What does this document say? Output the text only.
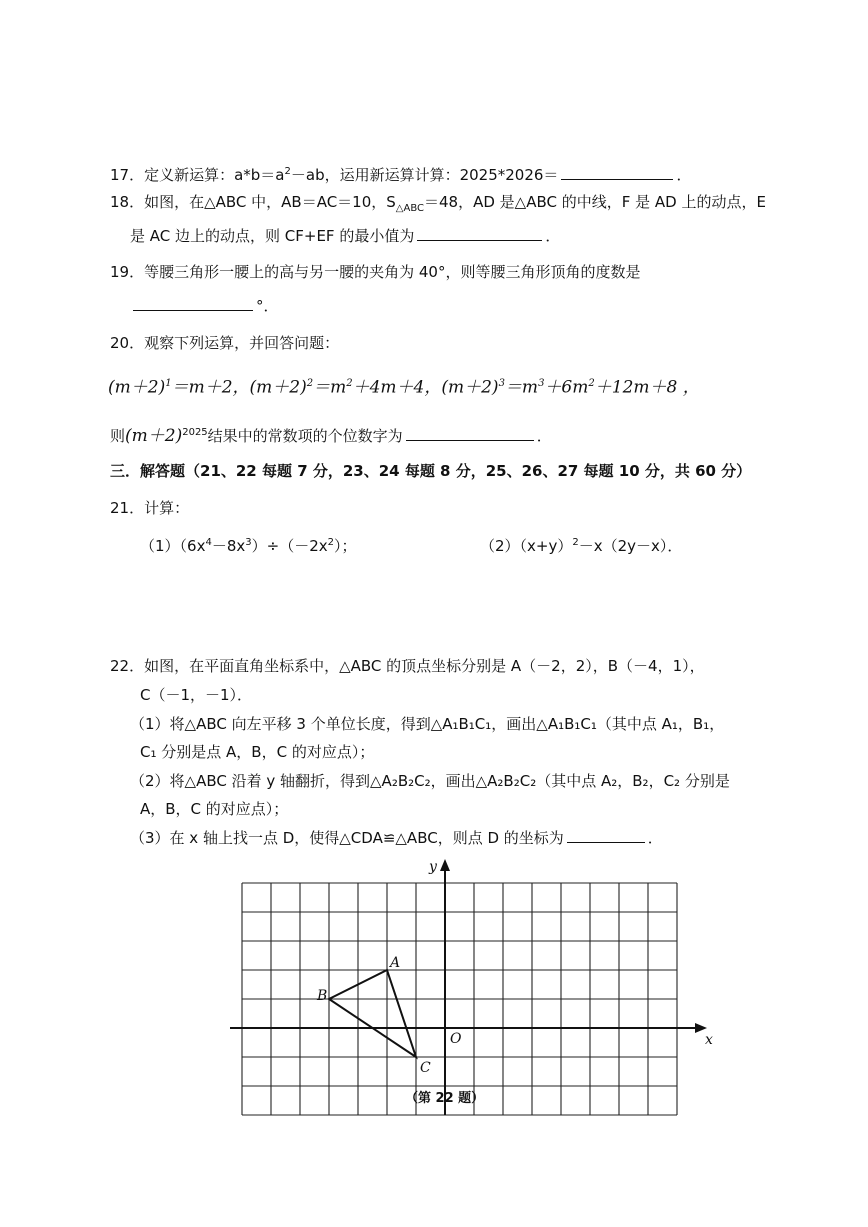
17．定义新运算：$a*b=a^2-ab$，运用新运算计算：2025*2026＝	．
18．如图，在△ABC 中，AB＝AC＝10，$S_{\triangle ABC}=48$，AD 是△ABC 的中线，F 是 AD 上的动点，E
是 AC 边上的动点，则 CF+EF 的最小值为	．
19．等腰三角形一腰上的高与另一腰的夹角为 40°，则等腰三角形顶角的度数是
°．
20．观察下列运算，并回答问题：
$(m+2)^1=m+2$，$(m+2)^2=m^2+4m+4$，$(m+2)^3=m^3+6m^2+12m+8$ ，
则$(m+2)^{2025}$结果中的常数项的个位数字为	．
三．解答题（21、22 每题 7 分，23、24 每题 8 分，25、26、27 每题 10 分，共 60 分）
21．计算：
$(1)(6x^4-8x^3)\div(-2x^2)$；	$(2)(x+y)^2-x(2y-x)$．
22．如图，在平面直角坐标系中，△ABC 的顶点坐标分别是 A（－2，2），B（－4，1），
C（－1，－1）．
（1）将△ABC 向左平移 3 个单位长度，得到△A₁B₁C₁，画出△A₁B₁C₁（其中点 A₁，B₁，
C₁ 分别是点 A，B，C 的对应点）；
（2）将△ABC 沿着 y 轴翻折，得到△A₂B₂C₂，画出△A₂B₂C₂（其中点 A₂，B₂，C₂ 分别是
A，B，C 的对应点）；
（3）在 x 轴上找一点 D，使得△CDA≌△ABC，则点 D 的坐标为	．
A
B
C
O	x
y
（第 22 题）
